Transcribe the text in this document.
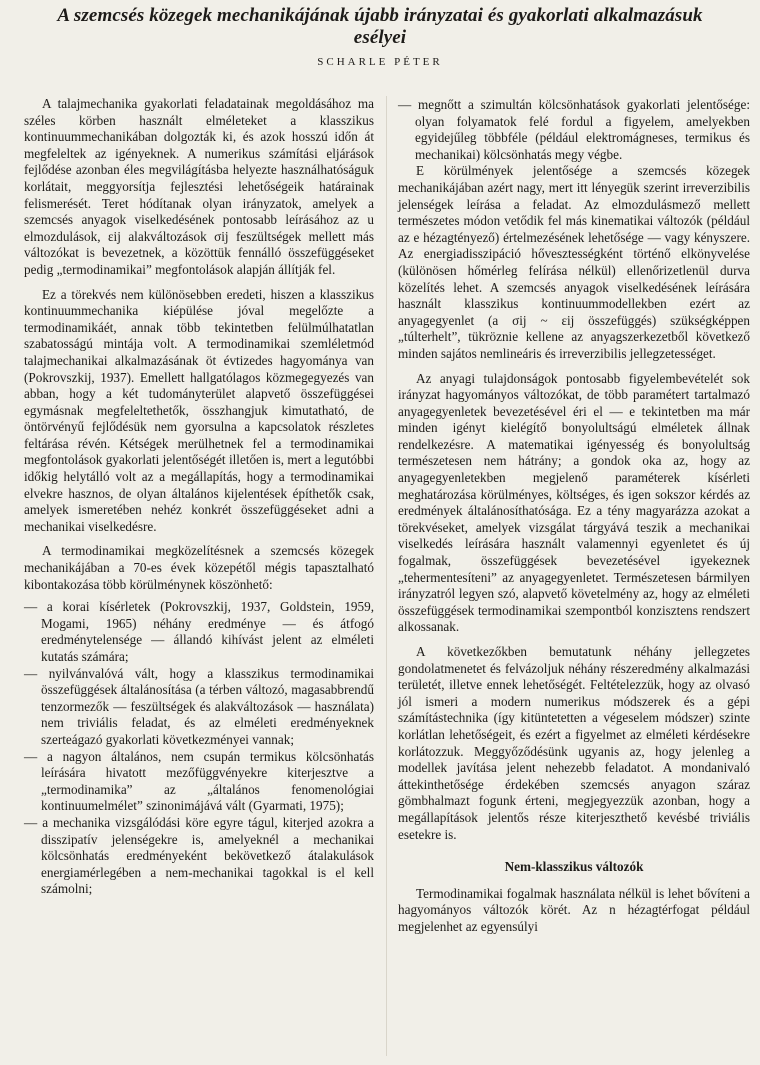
A szemcsés közegek mechanikájának újabb irányzatai és gyakorlati alkalmazásuk esélyei
SCHARLE PÉTER

A talajmechanika gyakorlati feladatainak megoldásához ma széles körben használt elméleteket a klasszikus kontinuummechanikában dolgozták ki, és azok hosszú időn át megfeleltek az igényeknek. A numerikus számítási eljárások fejlődése azonban éles megvilágításba helyezte használhatóságuk korlátait, meggyorsítja fejlesztési lehetőségeik határainak felismerését. Teret hódítanak olyan irányzatok, amelyek a szemcsés anyagok viselkedésének pontosabb leírásához az u elmozdulások, εij alakváltozások σij feszültségek mellett más változókat is bevezetnek, a közöttük fennálló összefüggéseket pedig „termodinamikai” megfontolások alapján állítják fel.

Ez a törekvés nem különösebben eredeti, hiszen a klasszikus kontinuummechanika kiépülése jóval megelőzte a termodinamikáét, annak több tekintetben felülmúlhatatlan szabatosságú mintája volt. A termodinamikai szemléletmód talajmechanikai alkalmazásának öt évtizedes hagyománya van (Pokrovszkij, 1937). Emellett hallgatólagos közmegegyezés van abban, hogy a két tudományterület alapvető összefüggései egymásnak megfeleltethetők, összhangjuk kimutatható, de öntörvényű fejlődésük nem gyorsulna a kapcsolatok részletes feltárása révén. Kétségek merülhetnek fel a termodinamikai megfontolások gyakorlati jelentőségét illetően is, mert a legutóbbi időkig helytálló volt az a megállapítás, hogy a termodinamikai elvekre hasznos, de olyan általános kijelentések építhetők csak, amelyek ismeretében nehéz konkrét összefüggéseket adni a mechanikai viselkedésre.

A termodinamikai megközelítésnek a szemcsés közegek mechanikájában a 70-es évek közepétől mégis tapasztalható kibontakozása több körülménynek köszönhető:

— a korai kísérletek (Pokrovszkij, 1937, Goldstein, 1959, Mogami, 1965) néhány eredménye — és átfogó eredménytelensége — állandó kihívást jelent az elméleti kutatás számára;
— nyilvánvalóvá vált, hogy a klasszikus termodinamikai összefüggések általánosítása (a térben változó, magasabbrendű tenzormezők — feszültségek és alakváltozások — használata) nem triviális feladat, és az elméleti eredményeknek szerteágazó gyakorlati következményei vannak;
— a nagyon általános, nem csupán termikus kölcsönhatás leírására hivatott mezőfüggvényekre kiterjesztve a „termodinamika” az „általános fenomenológiai kontinuumelmélet” szinonimájává vált (Gyarmati, 1975);
— a mechanika vizsgálódási köre egyre tágul, kiterjed azokra a disszipatív jelenségekre is, amelyeknél a mechanikai kölcsönhatás eredményeként bekövetkező átalakulások energiamérlegében a nem-mechanikai tagokkal is el kell számolni;
— megnőtt a szimultán kölcsönhatások gyakorlati jelentősége: olyan folyamatok felé fordul a figyelem, amelyekben egyidejűleg többféle (például elektromágneses, termikus és mechanikai) kölcsönhatás megy végbe.

E körülmények jelentősége a szemcsés közegek mechanikájában azért nagy, mert itt lényegük szerint irreverzibilis jelenségek leírása a feladat. Az elmozdulásmező mellett természetes módon vetődik fel más kinematikai változók (például az e hézagtényező) értelmezésének lehetősége — vagy kényszere. Az energiadisszipáció hővesztességként történő elkönyvelése (különösen hőmérleg felírása nélkül) ellenőrizetlenül durva közelítés lehet. A szemcsés anyagok viselkedésének leírására használt klasszikus kontinuummodellekben ezért az anyagegyenlet (a σij ~ εij összefüggés) szükségképpen „túlterhelt”, tükröznie kellene az anyagszerkezetből következő minden sajátos nemlineáris és irreverzibilis jellegzetességet.

Az anyagi tulajdonságok pontosabb figyelembevételét sok irányzat hagyományos változókat, de több paramétert tartalmazó anyagegyenletek bevezetésével éri el — e tekintetben ma már minden igényt kielégítő bonyolultságú elméletek állnak rendelkezésre. A matematikai igényesség és bonyolultság természetesen nem hátrány; a gondok oka az, hogy az anyagegyenletekben megjelenő paraméterek kísérleti meghatározása körülményes, költséges, és igen sokszor kérdés az eredmények általánosíthatósága. Ez a tény magyarázza azokat a törekvéseket, amelyek vizsgálat tárgyává teszik a mechanikai viselkedés leírására használt valamennyi egyenletet és új fogalmak, összefüggések bevezetésével igyekeznek „tehermentesíteni” az anyagegyenletet. Természetesen bármilyen irányzatról legyen szó, alapvető követelmény az, hogy az elméleti összefüggések termodinamikai szempontból konzisztens rendszert alkossanak.

A következőkben bemutatunk néhány jellegzetes gondolatmenetet és felvázoljuk néhány részeredmény alkalmazási területét, illetve ennek lehetőségét. Feltételezzük, hogy az olvasó jól ismeri a modern numerikus módszerek és a gépi számítástechnika (így kitüntetetten a végeselem módszer) szinte korlátlan lehetőségeit, és ezért a figyelmet az elméleti kérdésekre korlátozzuk. Meggyőződésünk ugyanis az, hogy jelenleg a modellek javítása jelent nehezebb feladatot. A mondanivaló áttekinthetősége érdekében szemcsés anyagon száraz gömbhalmazt fogunk érteni, megjegyezzük azonban, hogy a megállapítások jelentős része kiterjeszthető kevésbé triviális esetekre is.

Nem-klasszikus változók

Termodinamikai fogalmak használata nélkül is lehet bővíteni a hagyományos változók körét. Az n hézagtérfogat például megjelenhet az egyensúlyi
